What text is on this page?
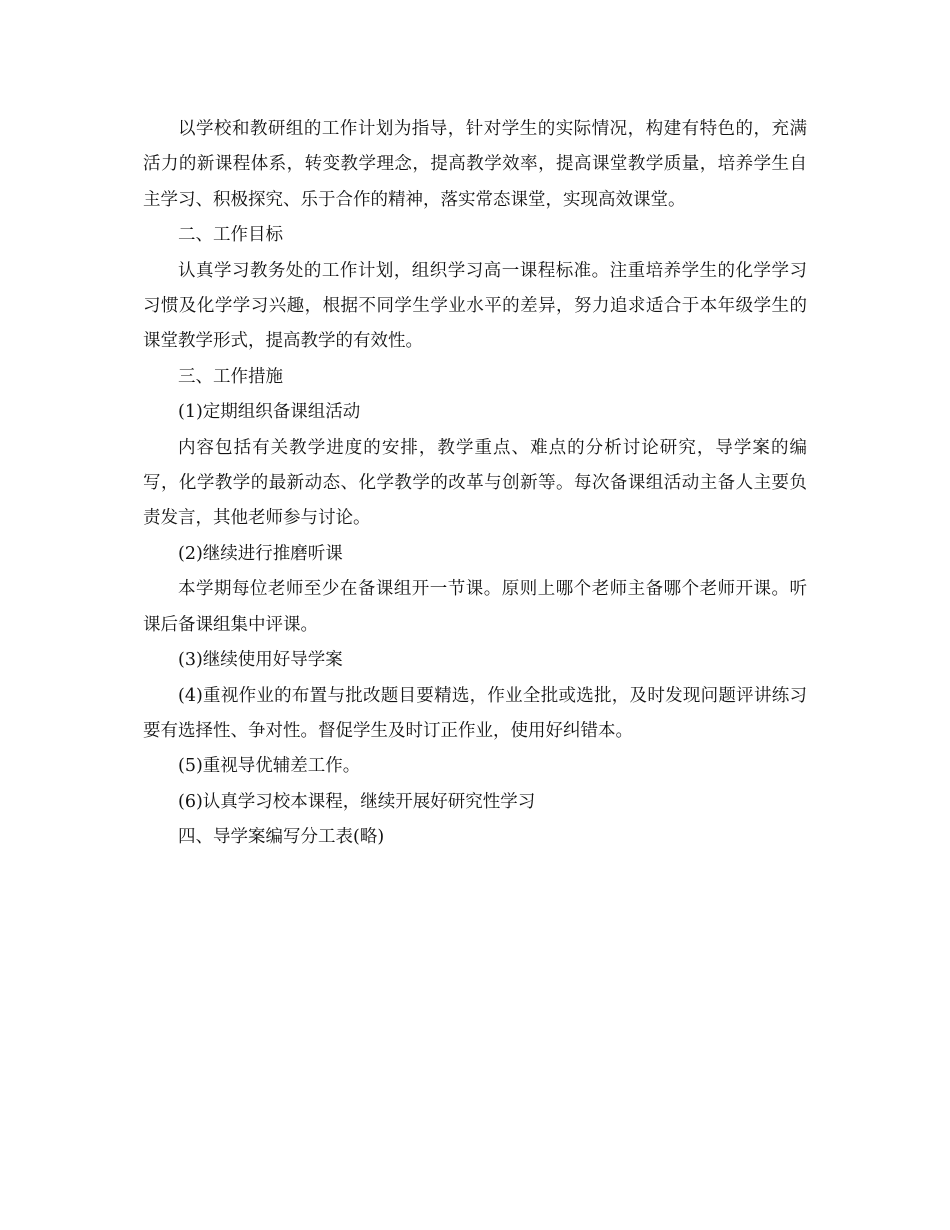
以学校和教研组的工作计划为指导，针对学生的实际情况，构建有特色的，充满活力的新课程体系，转变教学理念，提高教学效率，提高课堂教学质量，培养学生自主学习、积极探究、乐于合作的精神，落实常态课堂，实现高效课堂。

二、工作目标

认真学习教务处的工作计划，组织学习高一课程标准。注重培养学生的化学学习习惯及化学学习兴趣，根据不同学生学业水平的差异，努力追求适合于本年级学生的课堂教学形式，提高教学的有效性。

三、工作措施

(1)定期组织备课组活动

内容包括有关教学进度的安排，教学重点、难点的分析讨论研究，导学案的编写，化学教学的最新动态、化学教学的改革与创新等。每次备课组活动主备人主要负责发言，其他老师参与讨论。

(2)继续进行推磨听课

本学期每位老师至少在备课组开一节课。原则上哪个老师主备哪个老师开课。听课后备课组集中评课。

(3)继续使用好导学案

(4)重视作业的布置与批改题目要精选，作业全批或选批，及时发现问题评讲练习要有选择性、争对性。督促学生及时订正作业，使用好纠错本。

(5)重视导优辅差工作。

(6)认真学习校本课程，继续开展好研究性学习

四、导学案编写分工表(略)
